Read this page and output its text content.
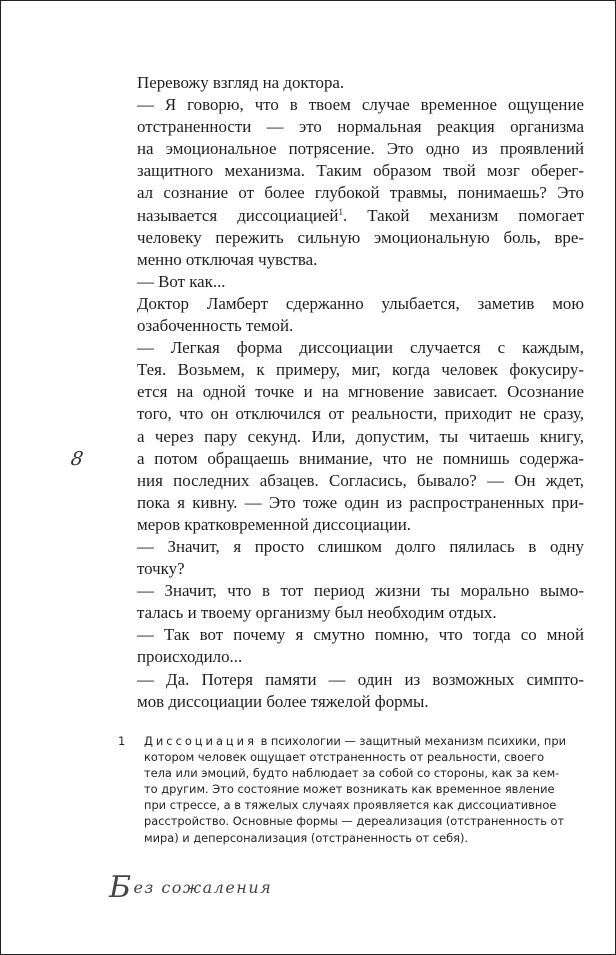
Перевожу взгляд на доктора.

— Я говорю, что в твоем случае временное ощущение
отстраненности — это нормальная реакция организма
на эмоциональное потрясение. Это одно из проявлений
защитного механизма. Таким образом твой мозг оберег-
ал сознание от более глубокой травмы, понимаешь? Это
называется диссоциацией$^1$. Такой механизм помогает
человеку пережить сильную эмоциональную боль, вре-
менно отключая чувства.

— Вот как...

Доктор Ламберт сдержанно улыбается, заметив мою
озабоченность темой.

— Легкая форма диссоциации случается с каждым,
Тея. Возьмем, к примеру, миг, когда человек фокусиру-
ется на одной точке и на мгновение зависает. Осознание
того, что он отключился от реальности, приходит не сразу,
а через пару секунд. Или, допустим, ты читаешь книгу,
а потом обращаешь внимание, что не помнишь содержа-
ния последних абзацев. Согласись, бывало? — Он ждет,
пока я кивну. — Это тоже один из распространенных при-
меров кратковременной диссоциации.

— Значит, я просто слишком долго пялилась в одну
точку?

— Значит, что в тот период жизни ты морально вымо-
талась и твоему организму был необходим отдых.

— Так вот почему я смутно помню, что тогда со мной
происходило...

— Да. Потеря памяти — один из возможных симпто-
мов диссоциации более тяжелой формы.

8
1 Диссоциация в психологии — защитный механизм психики, при
котором человек ощущает отстраненность от реальности, своего
тела или эмоций, будто наблюдает за собой со стороны, как за кем-
то другим. Это состояние может возникать как временное явление
при стрессе, а в тяжелых случаях проявляется как диссоциативное
расстройство. Основные формы — дереализация (отстраненность от
мира) и деперсонализация (отстраненность от себя).
Без сожаления
